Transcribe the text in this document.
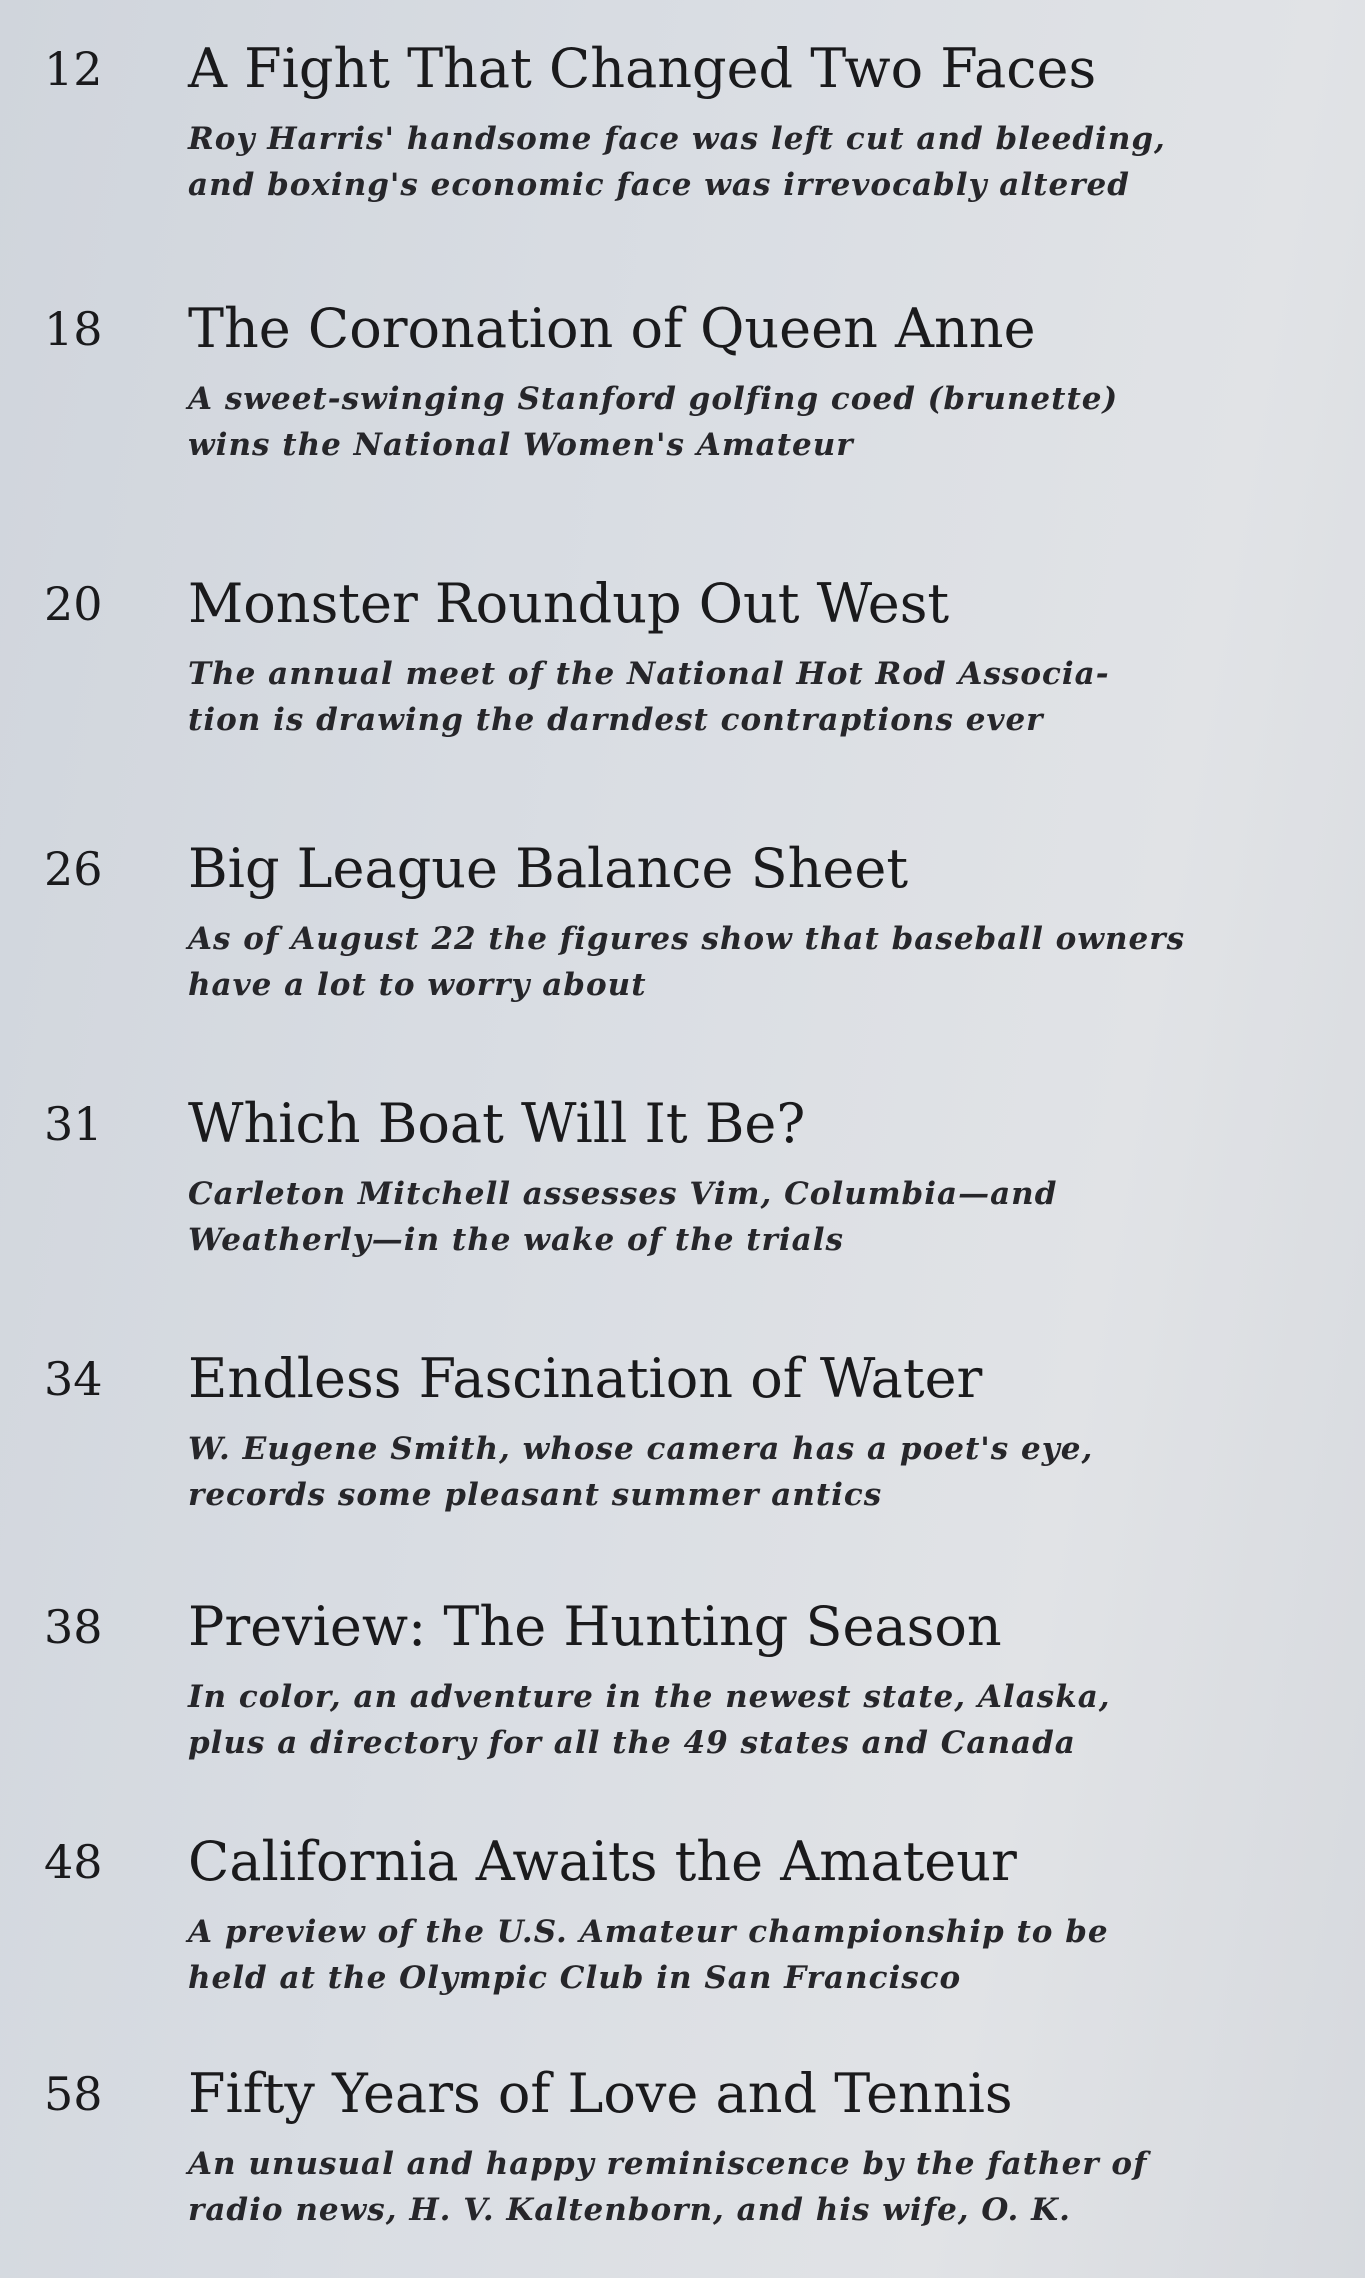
12	A Fight That Changed Two Faces
Roy Harris' handsome face was left cut and bleeding,
and boxing's economic face was irrevocably altered
18	The Coronation of Queen Anne
A sweet-swinging Stanford golfing coed (brunette)
wins the National Women's Amateur
20	Monster Roundup Out West
The annual meet of the National Hot Rod Associa-
tion is drawing the darndest contraptions ever
26	Big League Balance Sheet
As of August 22 the figures show that baseball owners
have a lot to worry about
31	Which Boat Will It Be?
Carleton Mitchell assesses Vim, Columbia—and
Weatherly—in the wake of the trials
34	Endless Fascination of Water
W. Eugene Smith, whose camera has a poet's eye,
records some pleasant summer antics
38	Preview: The Hunting Season
In color, an adventure in the newest state, Alaska,
plus a directory for all the 49 states and Canada
48	California Awaits the Amateur
A preview of the U.S. Amateur championship to be
held at the Olympic Club in San Francisco
58	Fifty Years of Love and Tennis
An unusual and happy reminiscence by the father of
radio news, H. V. Kaltenborn, and his wife, O. K.
